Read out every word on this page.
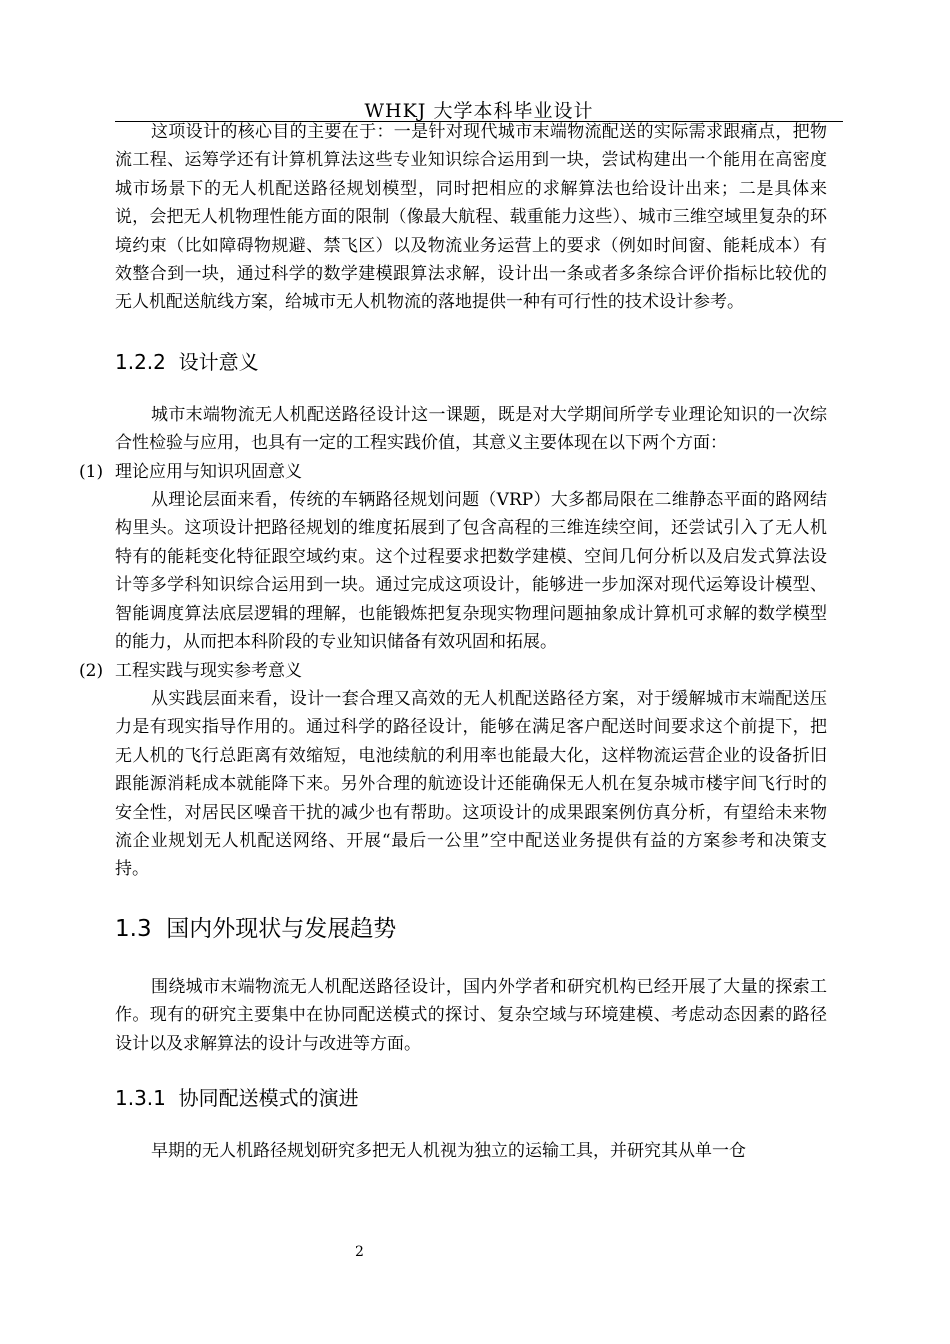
WHKJ 大学本科毕业设计

这项设计的核心目的主要在于：一是针对现代城市末端物流配送的实际需求跟痛点，把物流工程、运筹学还有计算机算法这些专业知识综合运用到一块，尝试构建出一个能用在高密度城市场景下的无人机配送路径规划模型，同时把相应的求解算法也给设计出来；二是具体来说，会把无人机物理性能方面的限制（像最大航程、载重能力这些）、城市三维空域里复杂的环境约束（比如障碍物规避、禁飞区）以及物流业务运营上的要求（例如时间窗、能耗成本）有效整合到一块，通过科学的数学建模跟算法求解，设计出一条或者多条综合评价指标比较优的无人机配送航线方案，给城市无人机物流的落地提供一种有可行性的技术设计参考。

1.2.2 设计意义

城市末端物流无人机配送路径设计这一课题，既是对大学期间所学专业理论知识的一次综合性检验与应用，也具有一定的工程实践价值，其意义主要体现在以下两个方面：

(1) 理论应用与知识巩固意义

从理论层面来看，传统的车辆路径规划问题（VRP）大多都局限在二维静态平面的路网结构里头。这项设计把路径规划的维度拓展到了包含高程的三维连续空间，还尝试引入了无人机特有的能耗变化特征跟空域约束。这个过程要求把数学建模、空间几何分析以及启发式算法设计等多学科知识综合运用到一块。通过完成这项设计，能够进一步加深对现代运筹设计模型、智能调度算法底层逻辑的理解，也能锻炼把复杂现实物理问题抽象成计算机可求解的数学模型的能力，从而把本科阶段的专业知识储备有效巩固和拓展。

(2) 工程实践与现实参考意义

从实践层面来看，设计一套合理又高效的无人机配送路径方案，对于缓解城市末端配送压力是有现实指导作用的。通过科学的路径设计，能够在满足客户配送时间要求这个前提下，把无人机的飞行总距离有效缩短，电池续航的利用率也能最大化，这样物流运营企业的设备折旧跟能源消耗成本就能降下来。另外合理的航迹设计还能确保无人机在复杂城市楼宇间飞行时的安全性，对居民区噪音干扰的减少也有帮助。这项设计的成果跟案例仿真分析，有望给未来物流企业规划无人机配送网络、开展“最后一公里”空中配送业务提供有益的方案参考和决策支持。

1.3 国内外现状与发展趋势

围绕城市末端物流无人机配送路径设计，国内外学者和研究机构已经开展了大量的探索工作。现有的研究主要集中在协同配送模式的探讨、复杂空域与环境建模、考虑动态因素的路径设计以及求解算法的设计与改进等方面。

1.3.1 协同配送模式的演进

早期的无人机路径规划研究多把无人机视为独立的运输工具，并研究其从单一仓

2
